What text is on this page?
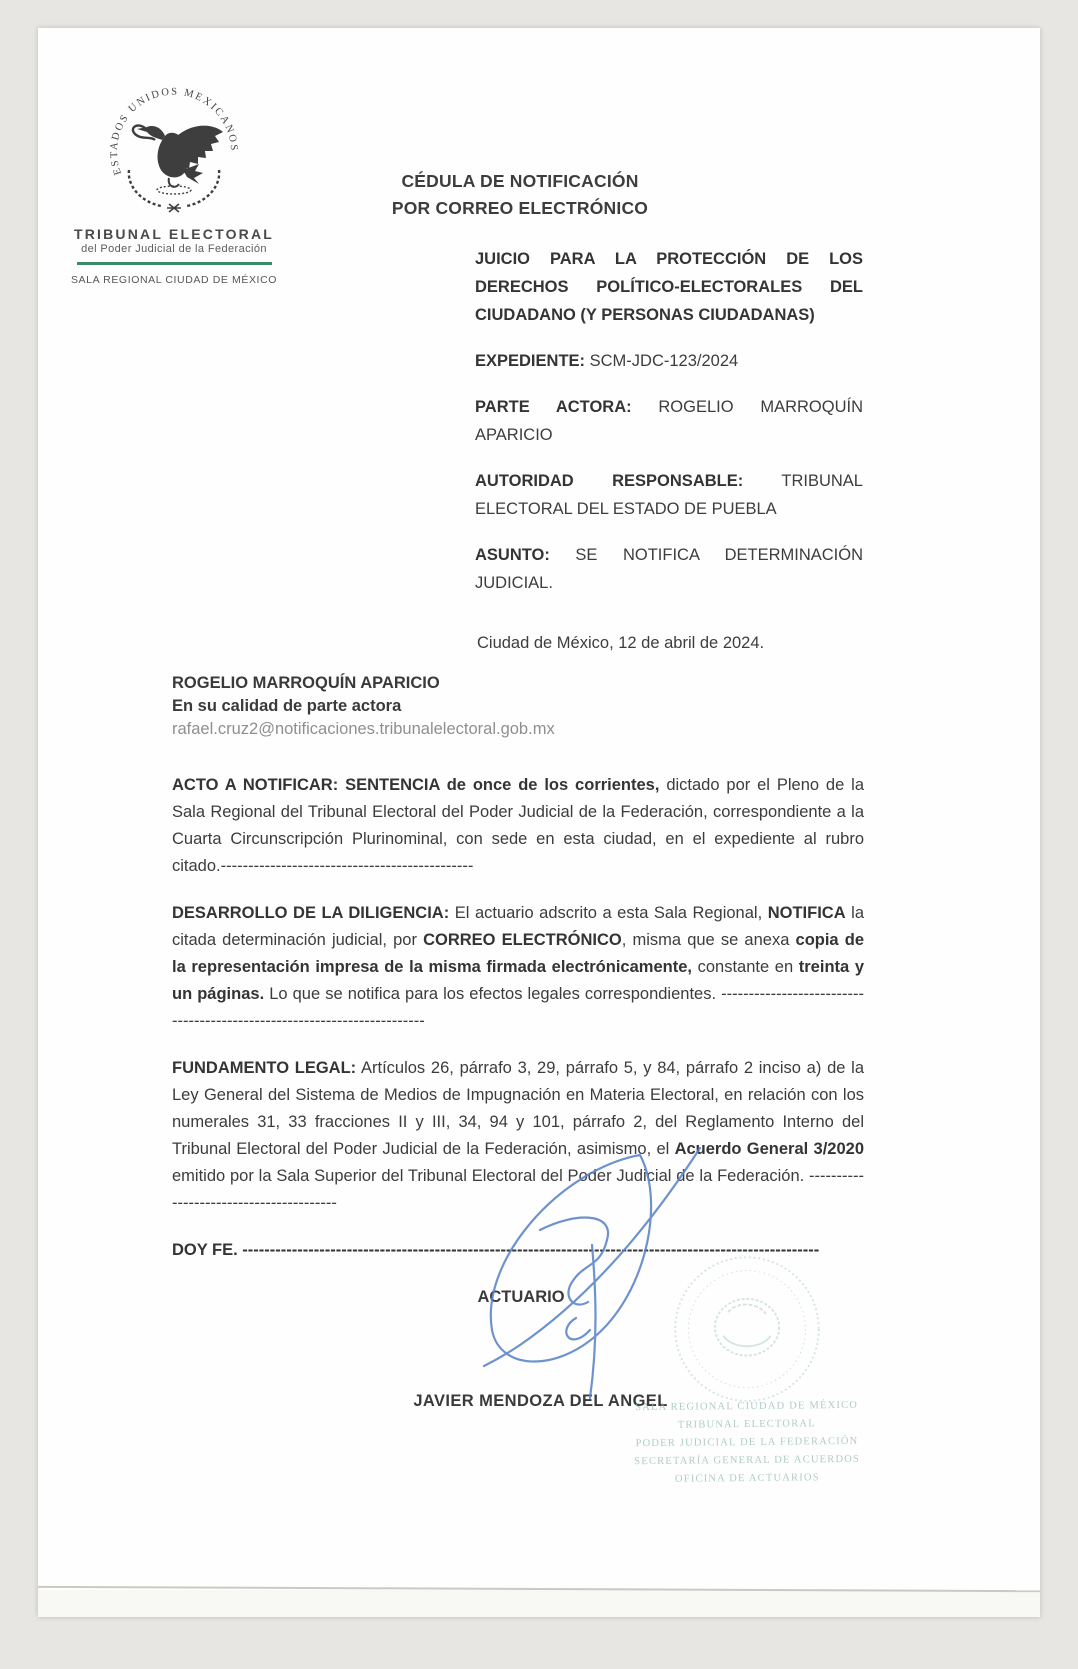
ESTADOS UNIDOS MEXICANOS
TRIBUNAL ELECTORAL
del Poder Judicial de la Federación
SALA REGIONAL CIUDAD DE MÉXICO
CÉDULA DE NOTIFICACIÓN
POR CORREO ELECTRÓNICO

JUICIO PARA LA PROTECCIÓN DE LOS DERECHOS POLÍTICO-ELECTORALES DEL CIUDADANO (Y PERSONAS CIUDADANAS)

EXPEDIENTE: SCM-JDC-123/2024

PARTE ACTORA: ROGELIO MARROQUÍN APARICIO

AUTORIDAD RESPONSABLE: TRIBUNAL ELECTORAL DEL ESTADO DE PUEBLA

ASUNTO: SE NOTIFICA DETERMINACIÓN JUDICIAL.

Ciudad de México, 12 de abril de 2024.
ROGELIO MARROQUÍN APARICIO
En su calidad de parte actora
rafael.cruz2@notificaciones.tribunalelectoral.gob.mx

ACTO A NOTIFICAR: SENTENCIA de once de los corrientes, dictado por el Pleno de la Sala Regional del Tribunal Electoral del Poder Judicial de la Federación, correspondiente a la Cuarta Circunscripción Plurinominal, con sede en esta ciudad, en el expediente al rubro citado.----------------------------------------------

DESARROLLO DE LA DILIGENCIA: El actuario adscrito a esta Sala Regional, NOTIFICA la citada determinación judicial, por CORREO ELECTRÓNICO, misma que se anexa copia de la representación impresa de la misma firmada electrónicamente, constante en treinta y un páginas. Lo que se notifica para los efectos legales correspondientes. ------------------------------------------------------------------------

FUNDAMENTO LEGAL: Artículos 26, párrafo 3, 29, párrafo 5, y 84, párrafo 2 inciso a) de la Ley General del Sistema de Medios de Impugnación en Materia Electoral, en relación con los numerales 31, 33 fracciones II y III, 34, 94 y 101, párrafo 2, del Reglamento Interno del Tribunal Electoral del Poder Judicial de la Federación, asimismo, el Acuerdo General 3/2020 emitido por la Sala Superior del Tribunal Electoral del Poder Judicial de la Federación. ----------------------------------------

DOY FE. ---------------------------------------------------------------------------------------------------------

ACTUARIO
JAVIER MENDOZA DEL ANGEL
SALA REGIONAL CIUDAD DE MÉXICO
TRIBUNAL ELECTORAL
PODER JUDICIAL DE LA FEDERACIÓN
SECRETARÍA GENERAL DE ACUERDOS
OFICINA DE ACTUARIOS
